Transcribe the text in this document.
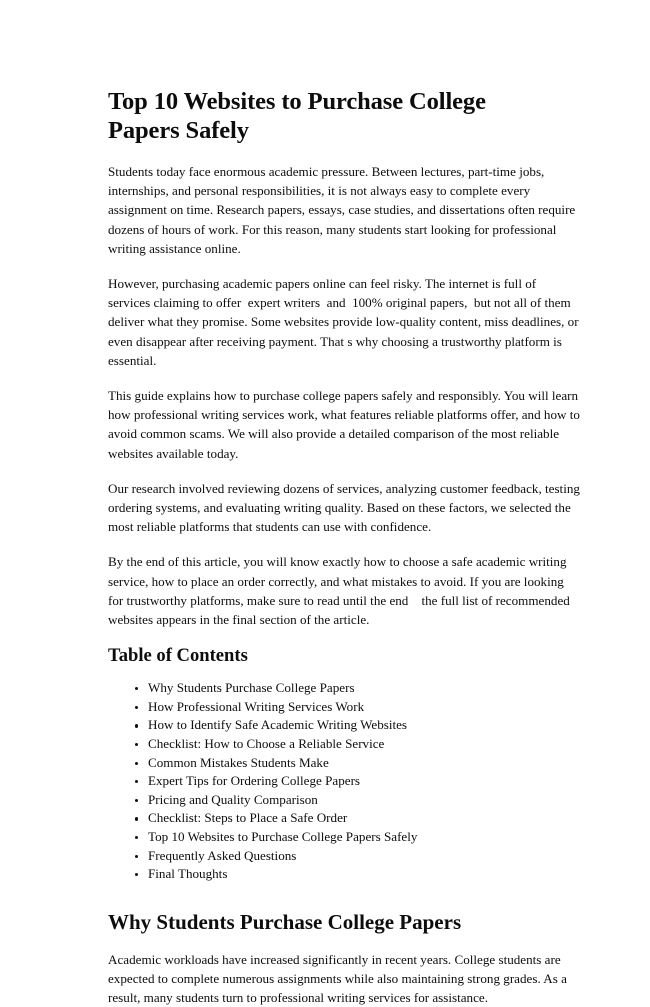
Top 10 Websites to Purchase College Papers Safely

Students today face enormous academic pressure. Between lectures, part-time jobs, internships, and personal responsibilities, it is not always easy to complete every assignment on time. Research papers, essays, case studies, and dissertations often require dozens of hours of work. For this reason, many students start looking for professional writing assistance online.

However, purchasing academic papers online can feel risky. The internet is full of services claiming to offer  expert writers  and  100% original papers,  but not all of them deliver what they promise. Some websites provide low-quality content, miss deadlines, or even disappear after receiving payment. That s why choosing a trustworthy platform is essential.

This guide explains how to purchase college papers safely and responsibly. You will learn how professional writing services work, what features reliable platforms offer, and how to avoid common scams. We will also provide a detailed comparison of the most reliable websites available today.

Our research involved reviewing dozens of services, analyzing customer feedback, testing ordering systems, and evaluating writing quality. Based on these factors, we selected the most reliable platforms that students can use with confidence.

By the end of this article, you will know exactly how to choose a safe academic writing service, how to place an order correctly, and what mistakes to avoid. If you are looking for trustworthy platforms, make sure to read until the end    the full list of recommended websites appears in the final section of the article.

Table of Contents
Why Students Purchase College Papers
How Professional Writing Services Work
How to Identify Safe Academic Writing Websites
Checklist: How to Choose a Reliable Service
Common Mistakes Students Make
Expert Tips for Ordering College Papers
Pricing and Quality Comparison
Checklist: Steps to Place a Safe Order
Top 10 Websites to Purchase College Papers Safely
Frequently Asked Questions
Final Thoughts
Why Students Purchase College Papers

Academic workloads have increased significantly in recent years. College students are expected to complete numerous assignments while also maintaining strong grades. As a result, many students turn to professional writing services for assistance.
